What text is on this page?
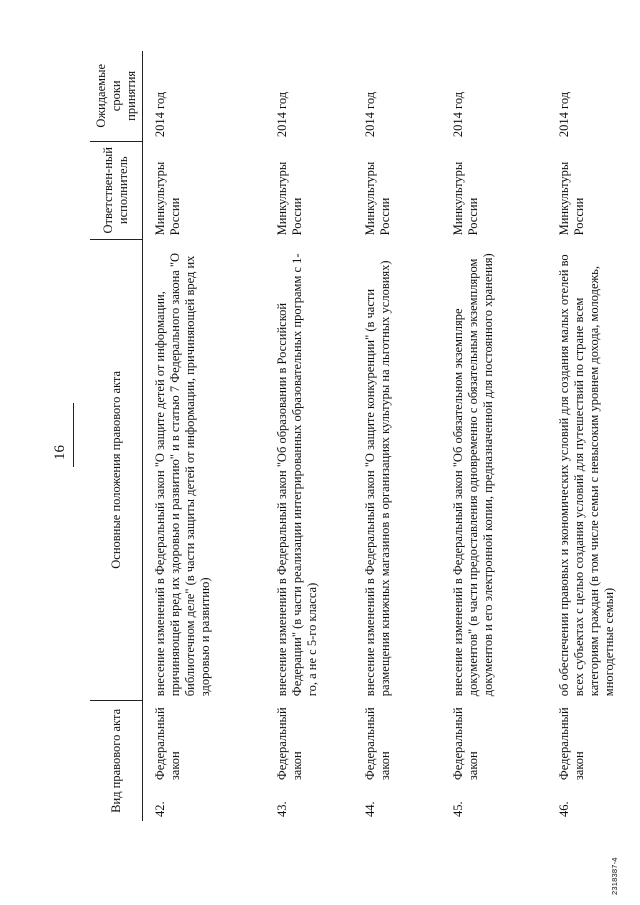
16
Вид правового акта		Основные положения правового акта	Ответствен-ный исполнитель	Ожидаемые сроки принятия
42.	Федеральный закон	внесение изменений в Федеральный закон "О защите детей от информации, причиняющей вред их здоровью и развитию" и в статью 7 Федерального закона "О библиотечном деле" (в части защиты детей от информации, причиняющей вред их здоровью и развитию)	Минкультуры России	2014 год
43.	Федеральный закон	внесение изменений в Федеральный закон "Об образовании в Российской Федерации" (в части реализации интегрированных образовательных программ с 1-го, а не с 5-го класса)	Минкультуры России	2014 год
44.	Федеральный закон	внесение изменений в Федеральный закон "О защите конкуренции" (в части размещения книжных магазинов в организациях культуры на льготных условиях)	Минкультуры России	2014 год
45.	Федеральный закон	внесение изменений в Федеральный закон "Об обязательном экземпляре документов" (в части предоставления одновременно с обязательным экземпляром документов и его электронной копии, предназначенной для постоянного хранения)	Минкультуры России	2014 год
46.	Федеральный закон	об обеспечении правовых и экономических условий для создания малых отелей во всех субъектах с целью создания условий для путешествий по стране всем категориям граждан (в том числе семьи с невысоким уровнем дохода, молодежь, многодетные семьи)	Минкультуры России	2014 год
2318387-4
